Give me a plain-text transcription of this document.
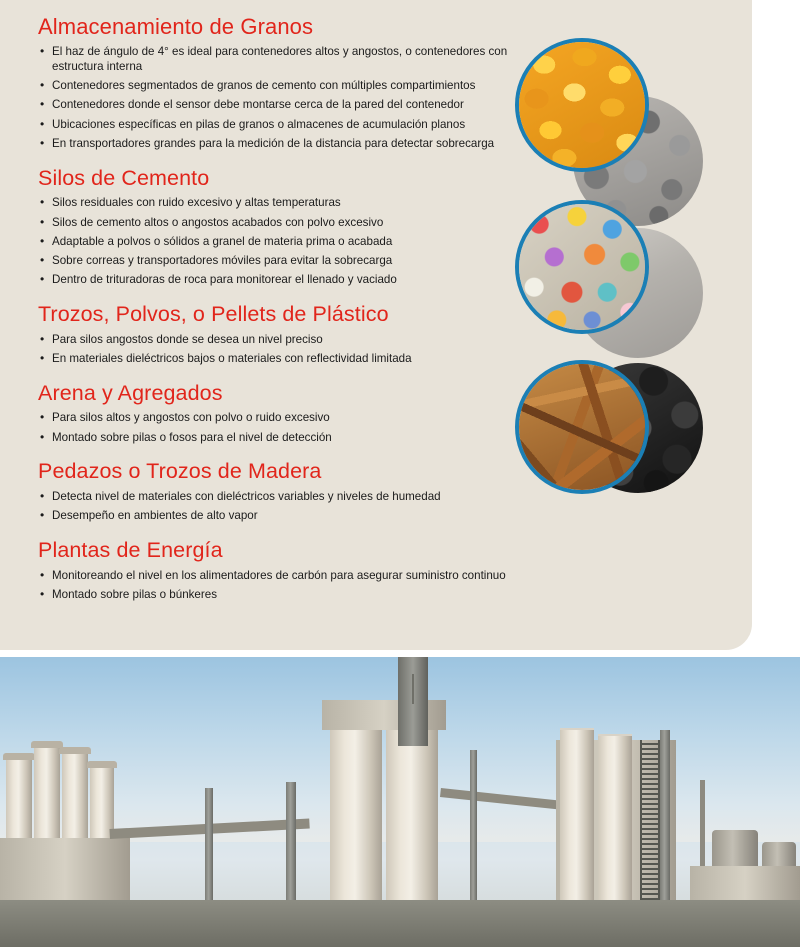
Almacenamiento de Granos
• El haz de ángulo de 4° es ideal para contenedores altos y angostos, o contenedores con estructura interna
• Contenedores segmentados de granos de cemento con múltiples compartimientos
• Contenedores donde el sensor debe montarse cerca de la pared del contenedor
• Ubicaciones específicas en pilas de granos o almacenes de acumulación planos
• En transportadores grandes para la medición de la distancia para detectar sobrecarga
Silos de Cemento
• Silos residuales con ruido excesivo y altas temperaturas
• Silos de cemento altos o angostos acabados con polvo excesivo
• Adaptable a polvos o sólidos a granel de materia prima o acabada
• Sobre correas y transportadores móviles para evitar la sobrecarga
• Dentro de trituradoras de roca para monitorear el llenado y vaciado
Trozos, Polvos, o Pellets de Plástico
• Para silos angostos donde se desea un nivel preciso
• En materiales dieléctricos bajos o materiales con reflectividad limitada
Arena y Agregados
• Para silos altos y angostos con polvo o ruido excesivo
• Montado sobre pilas o fosos para el nivel de detección
Pedazos o Trozos de Madera
• Detecta nivel de materiales con dieléctricos variables y niveles de humedad
• Desempeño en ambientes de alto vapor
Plantas de Energía
• Monitoreando el nivel en los alimentadores de carbón para asegurar suministro continuo
• Montado sobre pilas o búnkeres
